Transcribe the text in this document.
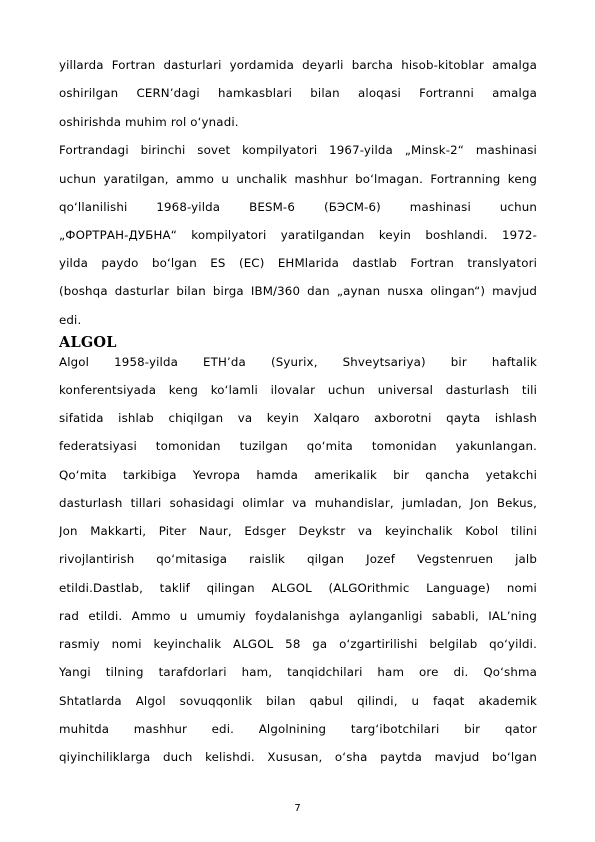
yillarda Fortran dasturlari yordamida deyarli barcha hisob-kitoblar amalga
oshirilgan CERN’dagi hamkasblari bilan aloqasi Fortranni amalga
oshirishda muhim rol o‘ynadi.
Fortrandagi birinchi sovet kompilyatori 1967-yilda „Minsk-2“ mashinasi
uchun yaratilgan, ammo u unchalik mashhur bo‘lmagan. Fortranning keng
qo‘llanilishi 1968-yilda BESM-6 (БЭСМ-6) mashinasi uchun
„ФОРТРАН-ДУБНА“ kompilyatori yaratilgandan keyin boshlandi. 1972-
yilda paydo bo‘lgan ES (ЕС) EHMlarida dastlab Fortran translyatori
(boshqa dasturlar bilan birga IBM/360 dan „aynan nusxa olingan“) mavjud
edi.
ALGOL
Algol 1958-yilda ETH’da (Syurix, Shveytsariya) bir haftalik
konferentsiyada keng ko‘lamli ilovalar uchun universal dasturlash tili
sifatida ishlab chiqilgan va keyin Xalqaro axborotni qayta ishlash
federatsiyasi tomonidan tuzilgan qo‘mita tomonidan yakunlangan.
Qo‘mita tarkibiga Yevropa hamda amerikalik bir qancha yetakchi
dasturlash tillari sohasidagi olimlar va muhandislar, jumladan, Jon Bekus,
Jon Makkarti, Piter Naur, Edsger Deykstr va keyinchalik Kobol tilini
rivojlantirish qo‘mitasiga raislik qilgan Jozef Vegstenruen jalb
etildi.Dastlab, taklif qilingan ALGOL (ALGOrithmic Language) nomi
rad etildi. Ammo u umumiy foydalanishga aylanganligi sababli, IAL’ning
rasmiy nomi keyinchalik ALGOL 58 ga o‘zgartirilishi belgilab qo‘yildi.
Yangi tilning tarafdorlari ham, tanqidchilari ham ore di. Qo‘shma
Shtatlarda Algol sovuqqonlik bilan qabul qilindi, u faqat akademik
muhitda mashhur edi. Algolnining targ‘ibotchilari bir qator
qiyinchiliklarga duch kelishdi. Xususan, o‘sha paytda mavjud bo‘lgan
7
